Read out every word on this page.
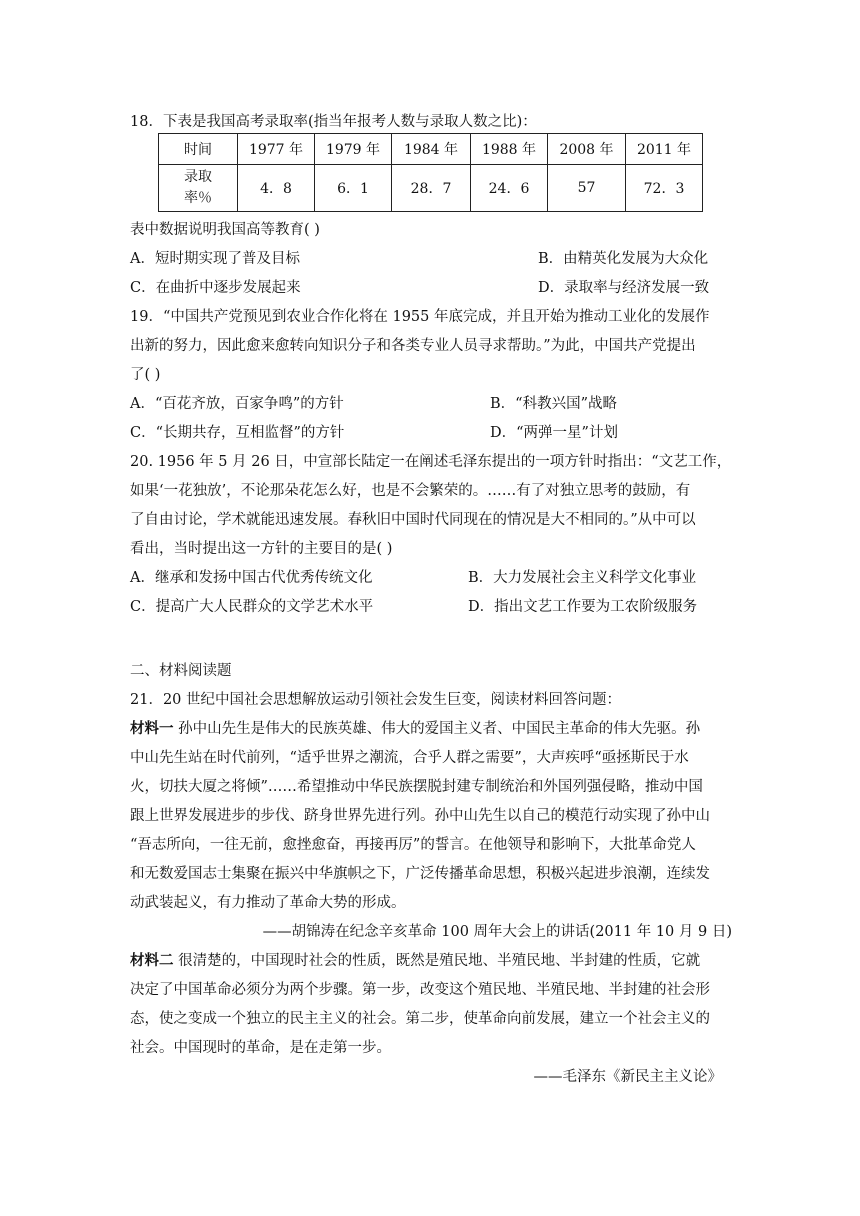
18．下表是我国高考录取率(指当年报考人数与录取人数之比)：
时间	1977 年	1979 年	1984 年	1988 年	2008 年	2011 年

录取
率％	4．8	6．1	28．7	24．6	57	72．3
表中数据说明我国高等教育( )
A．短时期实现了普及目标	B．由精英化发展为大众化
C．在曲折中逐步发展起来	D．录取率与经济发展一致
19．“中国共产党预见到农业合作化将在 1955 年底完成，并且开始为推动工业化的发展作
出新的努力，因此愈来愈转向知识分子和各类专业人员寻求帮助。”为此，中国共产党提出
了( )
A．“百花齐放，百家争鸣”的方针	B．“科教兴国”战略
C．“长期共存，互相监督”的方针	D．“两弹一星”计划
20. 1956 年 5 月 26 日，中宣部长陆定一在阐述毛泽东提出的一项方针时指出：“文艺工作，
如果‘一花独放’，不论那朵花怎么好，也是不会繁荣的。……有了对独立思考的鼓励，有
了自由讨论，学术就能迅速发展。春秋旧中国时代同现在的情况是大不相同的。”从中可以
看出，当时提出这一方针的主要目的是( )
A．继承和发扬中国古代优秀传统文化	B．大力发展社会主义科学文化事业
C．提高广大人民群众的文学艺术水平	D．指出文艺工作要为工农阶级服务
二、材料阅读题
21．20 世纪中国社会思想解放运动引领社会发生巨变，阅读材料回答问题：
材料一 孙中山先生是伟大的民族英雄、伟大的爱国主义者、中国民主革命的伟大先驱。孙
中山先生站在时代前列，“适乎世界之潮流，合乎人群之需要”，大声疾呼“亟拯斯民于水
火，切扶大厦之将倾”……希望推动中华民族摆脱封建专制统治和外国列强侵略，推动中国
跟上世界发展进步的步伐、跻身世界先进行列。孙中山先生以自己的模范行动实现了孙中山
“吾志所向，一往无前，愈挫愈奋，再接再厉”的誓言。在他领导和影响下，大批革命党人
和无数爱国志士集聚在振兴中华旗帜之下，广泛传播革命思想，积极兴起进步浪潮，连续发
动武装起义，有力推动了革命大势的形成。
——胡锦涛在纪念辛亥革命 100 周年大会上的讲话(2011 年 10 月 9 日)
材料二 很清楚的，中国现时社会的性质，既然是殖民地、半殖民地、半封建的性质，它就
决定了中国革命必须分为两个步骤。第一步，改变这个殖民地、半殖民地、半封建的社会形
态，使之变成一个独立的民主主义的社会。第二步，使革命向前发展，建立一个社会主义的
社会。中国现时的革命，是在走第一步。
——毛泽东《新民主主义论》
